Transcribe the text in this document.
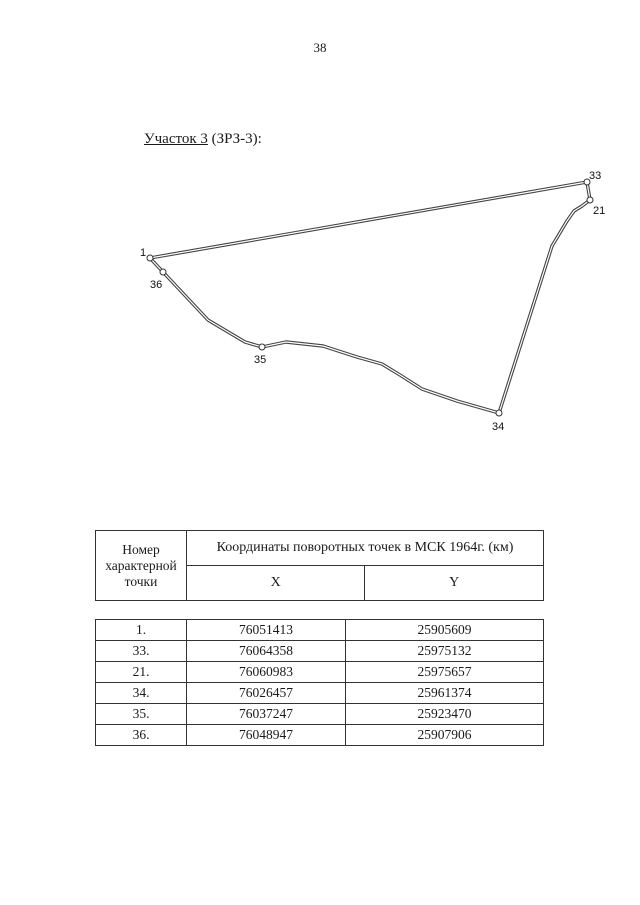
38
Участок 3 (ЗРЗ-3):
1
33
21
34
35
36
Номер характерной точки	Координаты поворотных точек в МСК 1964г. (км)	
	X	Y
1.	76051413	25905609
33.	76064358	25975132
21.	76060983	25975657
34.	76026457	25961374
35.	76037247	25923470
36.	76048947	25907906
